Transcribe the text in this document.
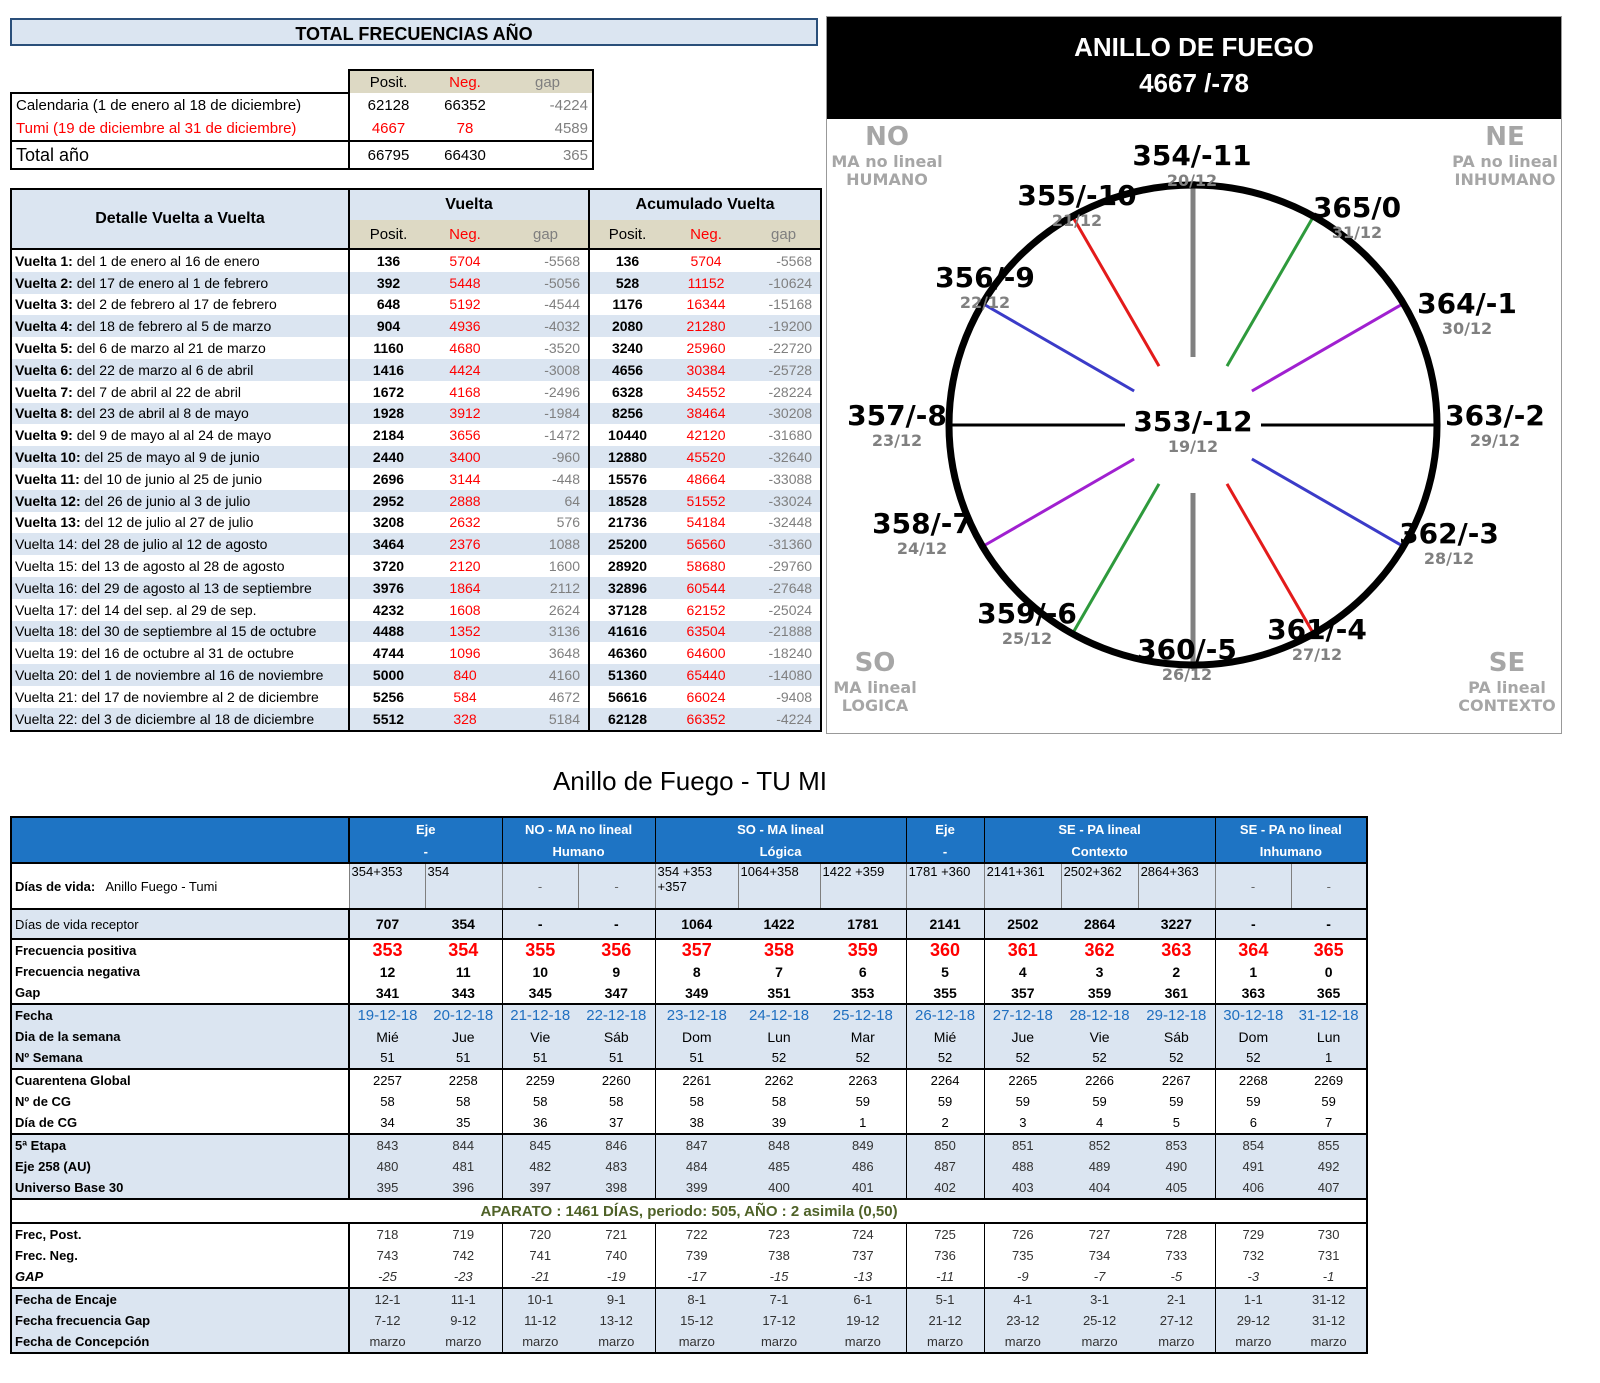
TOTAL FRECUENCIAS AÑO
	Posit.	Neg.	gap
Calendaria (1 de enero al 18 de diciembre)	62128	66352	-4224
Tumi (19 de diciembre al 31 de diciembre)	4667	78	4589
Total año	66795	66430	365
Detalle Vuelta a Vuelta	Vuelta			Acumulado Vuelta		
	Posit.	Neg.	gap	Posit.	Neg.	gap
Vuelta 1: del 1 de enero al 16 de enero	136	5704	-5568	136	5704	-5568
Vuelta 2: del 17 de enero al 1 de febrero	392	5448	-5056	528	11152	-10624
Vuelta 3: del 2 de febrero al 17 de febrero	648	5192	-4544	1176	16344	-15168
Vuelta 4: del 18 de febrero al 5 de marzo	904	4936	-4032	2080	21280	-19200
Vuelta 5: del 6 de marzo al 21 de marzo	1160	4680	-3520	3240	25960	-22720
Vuelta 6: del 22 de marzo al 6 de abril	1416	4424	-3008	4656	30384	-25728
Vuelta 7: del 7 de abril al 22 de abril	1672	4168	-2496	6328	34552	-28224
Vuelta 8: del 23 de abril al 8 de mayo	1928	3912	-1984	8256	38464	-30208
Vuelta 9: del 9 de mayo al al 24 de mayo	2184	3656	-1472	10440	42120	-31680
Vuelta 10: del 25 de mayo al 9 de junio	2440	3400	-960	12880	45520	-32640
Vuelta 11: del 10 de junio al 25 de junio	2696	3144	-448	15576	48664	-33088
Vuelta 12: del 26 de junio al 3 de julio	2952	2888	64	18528	51552	-33024
Vuelta 13: del 12 de julio al 27 de julio	3208	2632	576	21736	54184	-32448
Vuelta 14: del 28 de julio al 12 de agosto	3464	2376	1088	25200	56560	-31360
Vuelta 15: del 13 de agosto al 28 de agosto	3720	2120	1600	28920	58680	-29760
Vuelta 16: del 29 de agosto al 13 de septiembre	3976	1864	2112	32896	60544	-27648
Vuelta 17: del 14 del sep. al 29 de sep.	4232	1608	2624	37128	62152	-25024
Vuelta 18: del 30 de septiembre al 15 de octubre	4488	1352	3136	41616	63504	-21888
Vuelta 19: del 16 de octubre al 31 de octubre	4744	1096	3648	46360	64600	-18240
Vuelta 20: del 1 de noviembre al 16 de noviembre	5000	840	4160	51360	65440	-14080
Vuelta 21: del 17 de noviembre al 2 de diciembre	5256	584	4672	56616	66024	-9408
Vuelta 22: del 3 de diciembre al 18 de diciembre	5512	328	5184	62128	66352	-4224
ANILLO DE FUEGO
4667 /-78
354/-11
20/12
355/-10
21/12
356/-9
22/12
357/-8
23/12
358/-7
24/12
359/-6
25/12	360/-5
26/12
361/-4
27/12
362/-3
28/12
363/-2
29/12
364/-1
30/12
365/0
31/12
353/-12
19/12
NO
MA no lineal
HUMANO
NE
PA no lineal
INHUMANO
SO
MA lineal
LOGICA
SE
PA lineal
CONTEXTO
Anillo de Fuego - TU MI
	Eje		NO - MA no lineal		SO - MA lineal			Eje	SE - PA lineal			SE - PA no lineal	
	-		Humano		Lógica			-	Contexto			Inhumano	
Días de vida: Anillo Fuego - Tumi	354+353	354	-	-	354 +353 +357	1064+358	1422 +359	1781 +360	2141+361	2502+362	2864+363	-	-
Días de vida receptor	707	354	-	-	1064	1422	1781	2141	2502	2864	3227	-	-
Frecuencia positiva	353	354	355	356	357	358	359	360	361	362	363	364	365
Frecuencia negativa	12	11	10	9	8	7	6	5	4	3	2	1	0
Gap	341	343	345	347	349	351	353	355	357	359	361	363	365
Fecha	19-12-18	20-12-18	21-12-18	22-12-18	23-12-18	24-12-18	25-12-18	26-12-18	27-12-18	28-12-18	29-12-18	30-12-18	31-12-18
Dia de la semana	Mié	Jue	Vie	Sáb	Dom	Lun	Mar	Mié	Jue	Vie	Sáb	Dom	Lun
Nº Semana	51	51	51	51	51	52	52	52	52	52	52	52	1
Cuarentena Global	2257	2258	2259	2260	2261	2262	2263	2264	2265	2266	2267	2268	2269
Nº de CG	58	58	58	58	58	58	59	59	59	59	59	59	59
Día de CG	34	35	36	37	38	39	1	2	3	4	5	6	7
5ª Etapa	843	844	845	846	847	848	849	850	851	852	853	854	855
Eje 258 (AU)	480	481	482	483	484	485	486	487	488	489	490	491	492
Universo Base 30	395	396	397	398	399	400	401	402	403	404	405	406	407
APARATO : 1461 DÍAS, periodo: 505, AÑO : 2 asimila (0,50)													
Frec, Post.	718	719	720	721	722	723	724	725	726	727	728	729	730
Frec. Neg.	743	742	741	740	739	738	737	736	735	734	733	732	731
GAP	-25	-23	-21	-19	-17	-15	-13	-11	-9	-7	-5	-3	-1
Fecha de Encaje	12-1	11-1	10-1	9-1	8-1	7-1	6-1	5-1	4-1	3-1	2-1	1-1	31-12
Fecha frecuencia Gap	7-12	9-12	11-12	13-12	15-12	17-12	19-12	21-12	23-12	25-12	27-12	29-12	31-12
Fecha de Concepción	marzo	marzo	marzo	marzo	marzo	marzo	marzo	marzo	marzo	marzo	marzo	marzo	marzo
